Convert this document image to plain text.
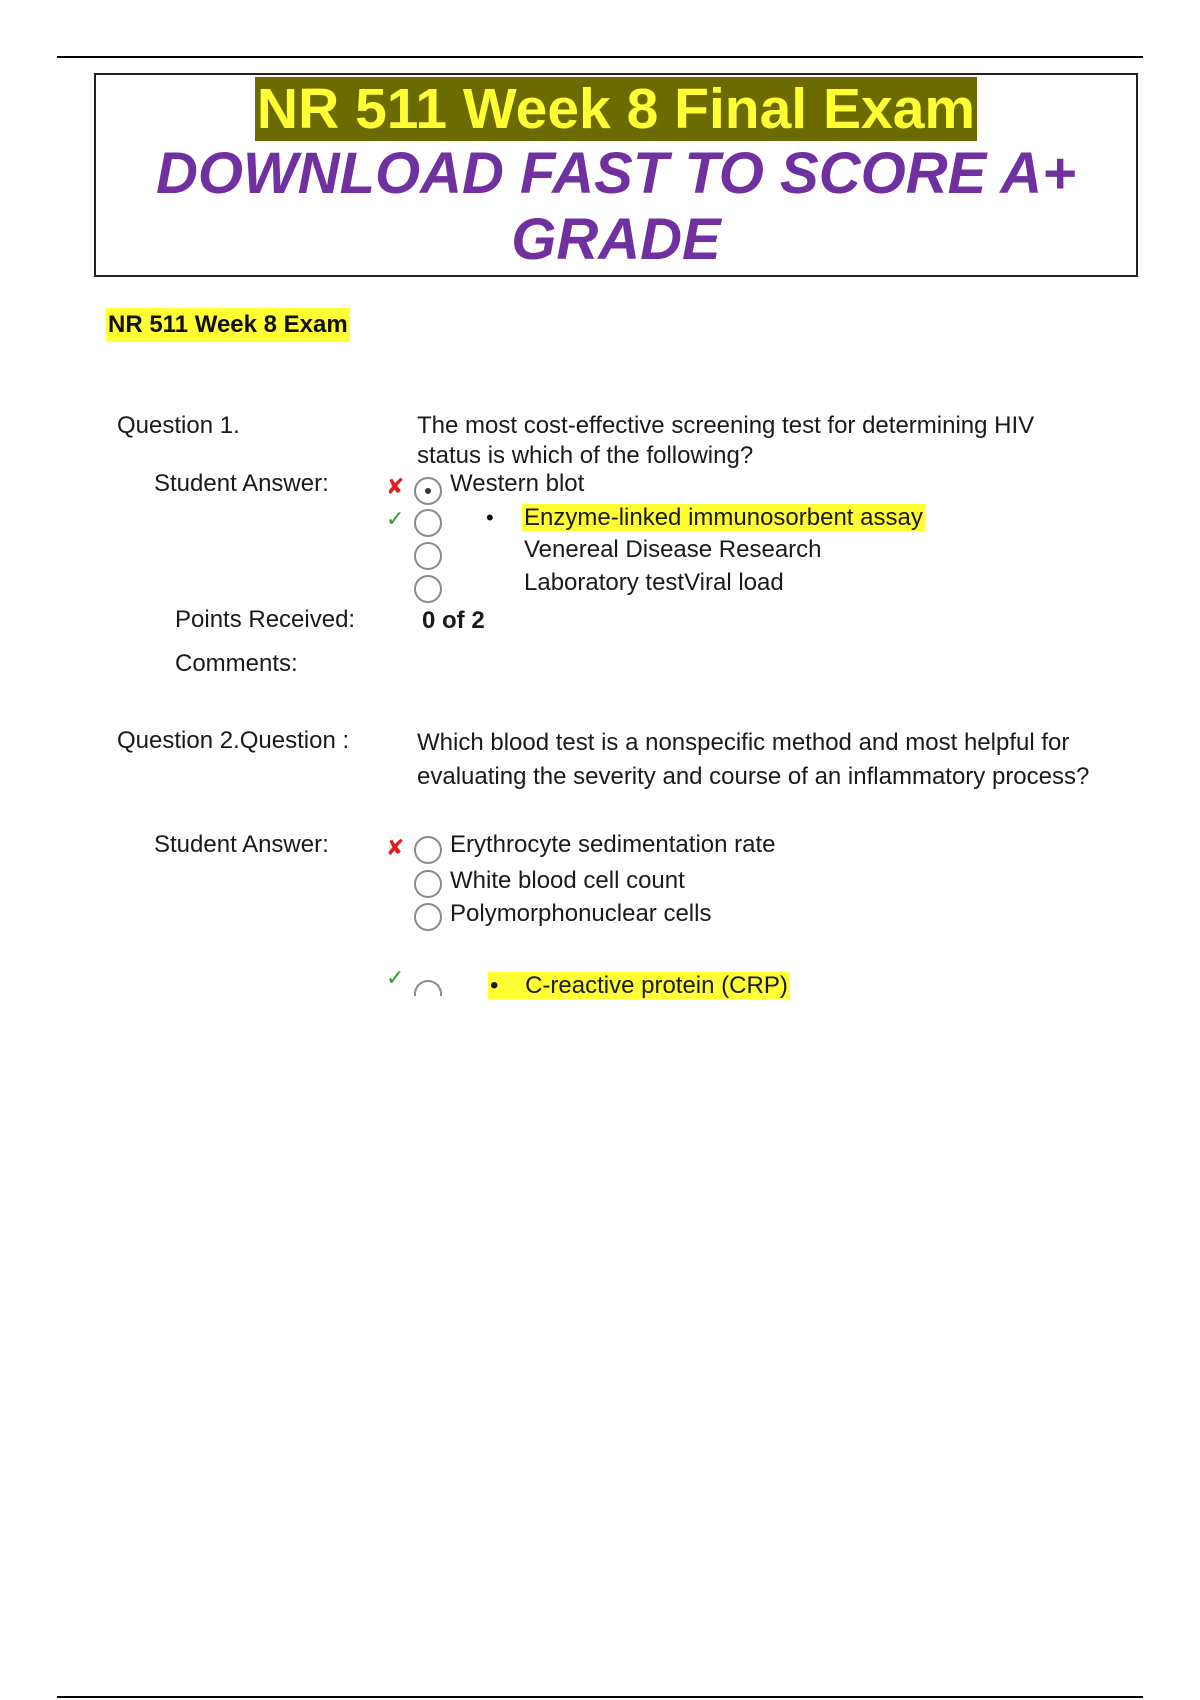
NR 511 Week 8 Final Exam
DOWNLOAD FAST TO SCORE A+
GRADE
NR 511 Week 8 Exam
Question 1.	The most cost-effective screening test for determining HIV status is which of the following?
Student Answer:	✘ Western blot
✓	• Enzyme-linked immunosorbent assay
Venereal Disease Research
Laboratory testViral load
Points Received:	0 of 2
Comments:
Question 2.Question :	Which blood test is a nonspecific method and most helpful for evaluating the severity and course of an inflammatory process?
Student Answer:	✘ Erythrocyte sedimentation rate
White blood cell count
Polymorphonuclear cells
✓	•    C-reactive protein (CRP)
